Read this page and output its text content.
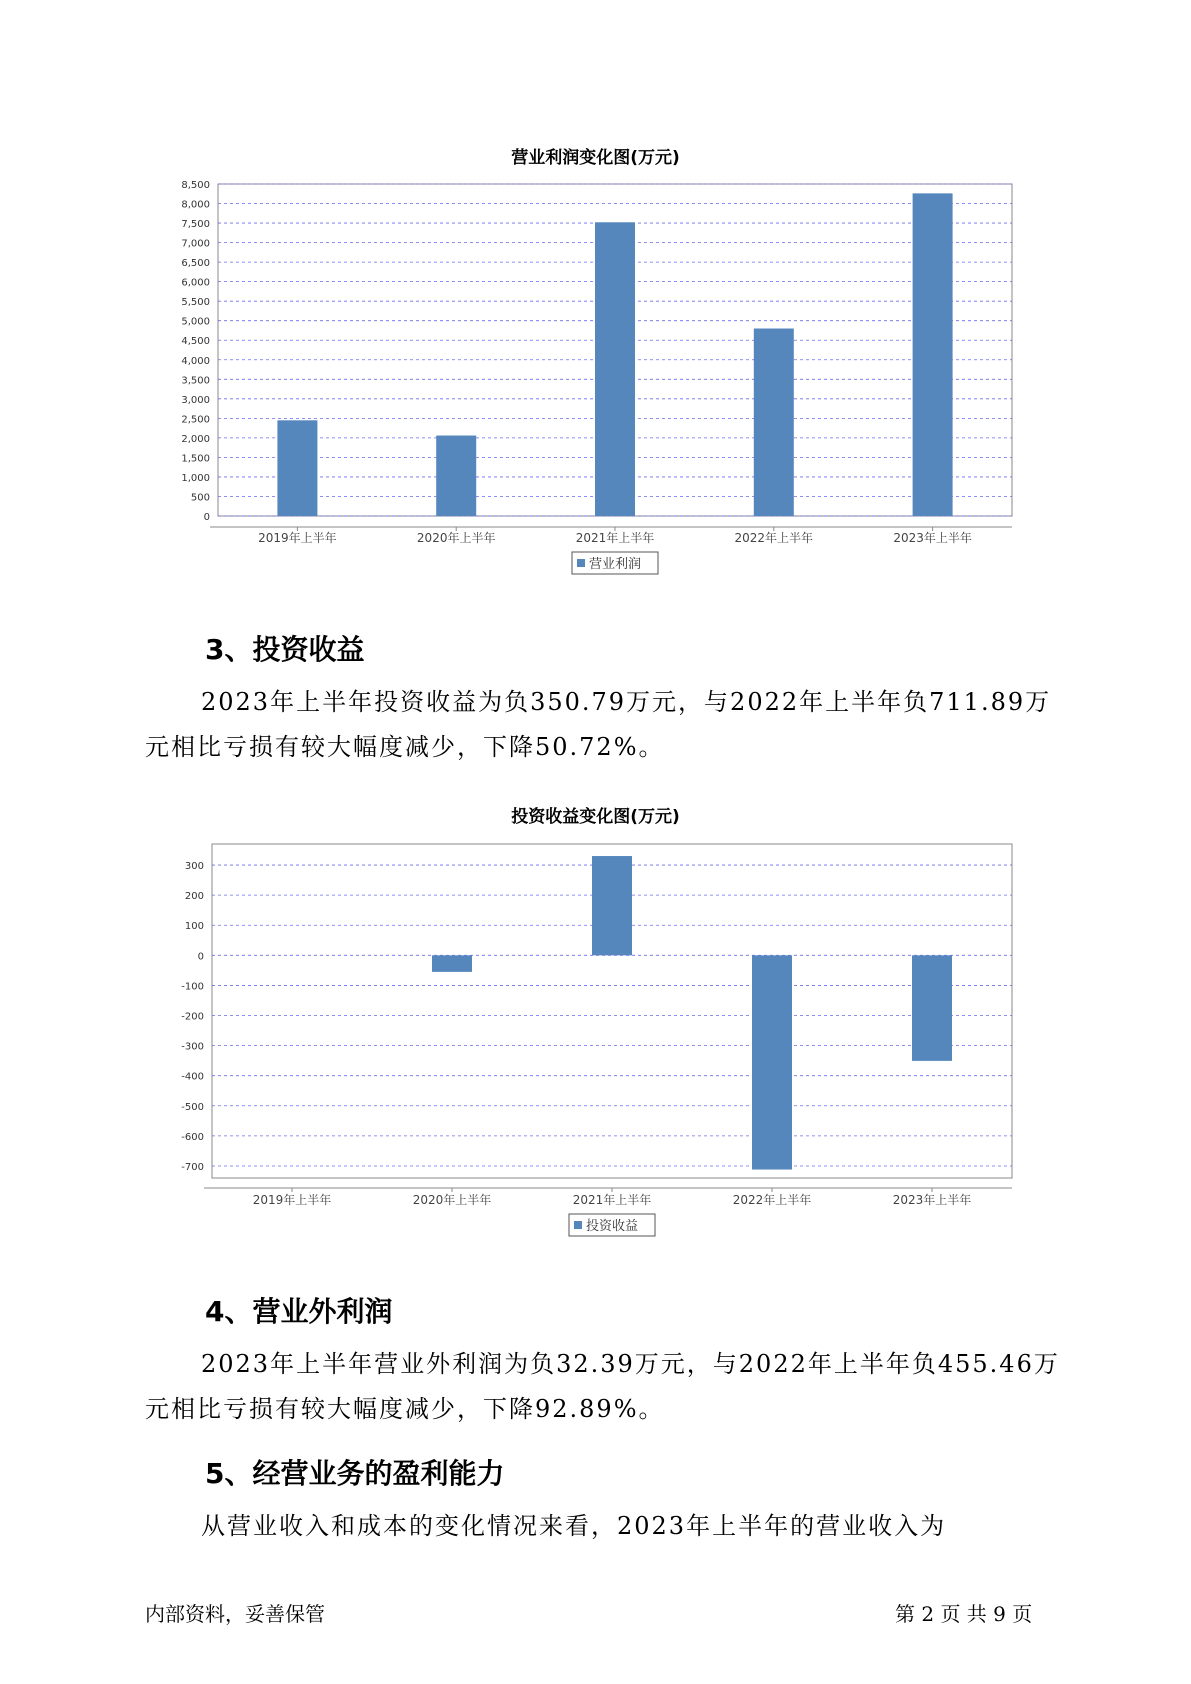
营业利润变化图(万元)
0
500
1,000
1,500
2,000
2,500
3,000
3,500
4,000
4,500
5,000
5,500
6,000
6,500
7,000
7,500
8,000
8,500
2019年上半年	2020年上半年	2021年上半年	2022年上半年	2023年上半年
营业利润
3、投资收益

2023年上半年投资收益为负350.79万元，与2022年上半年负711.89万元相比亏损有较大幅度减少，下降50.72%。

投资收益变化图(万元)
300
200
100
0
-100
-200
-300
-400
-500
-600
-700
2019年上半年	2020年上半年	2021年上半年	2022年上半年	2023年上半年
投资收益
4、营业外利润

2023年上半年营业外利润为负32.39万元，与2022年上半年负455.46万元相比亏损有较大幅度减少，下降92.89%。

5、经营业务的盈利能力

从营业收入和成本的变化情况来看，2023年上半年的营业收入为

内部资料，妥善保管	第 2 页 共 9 页
